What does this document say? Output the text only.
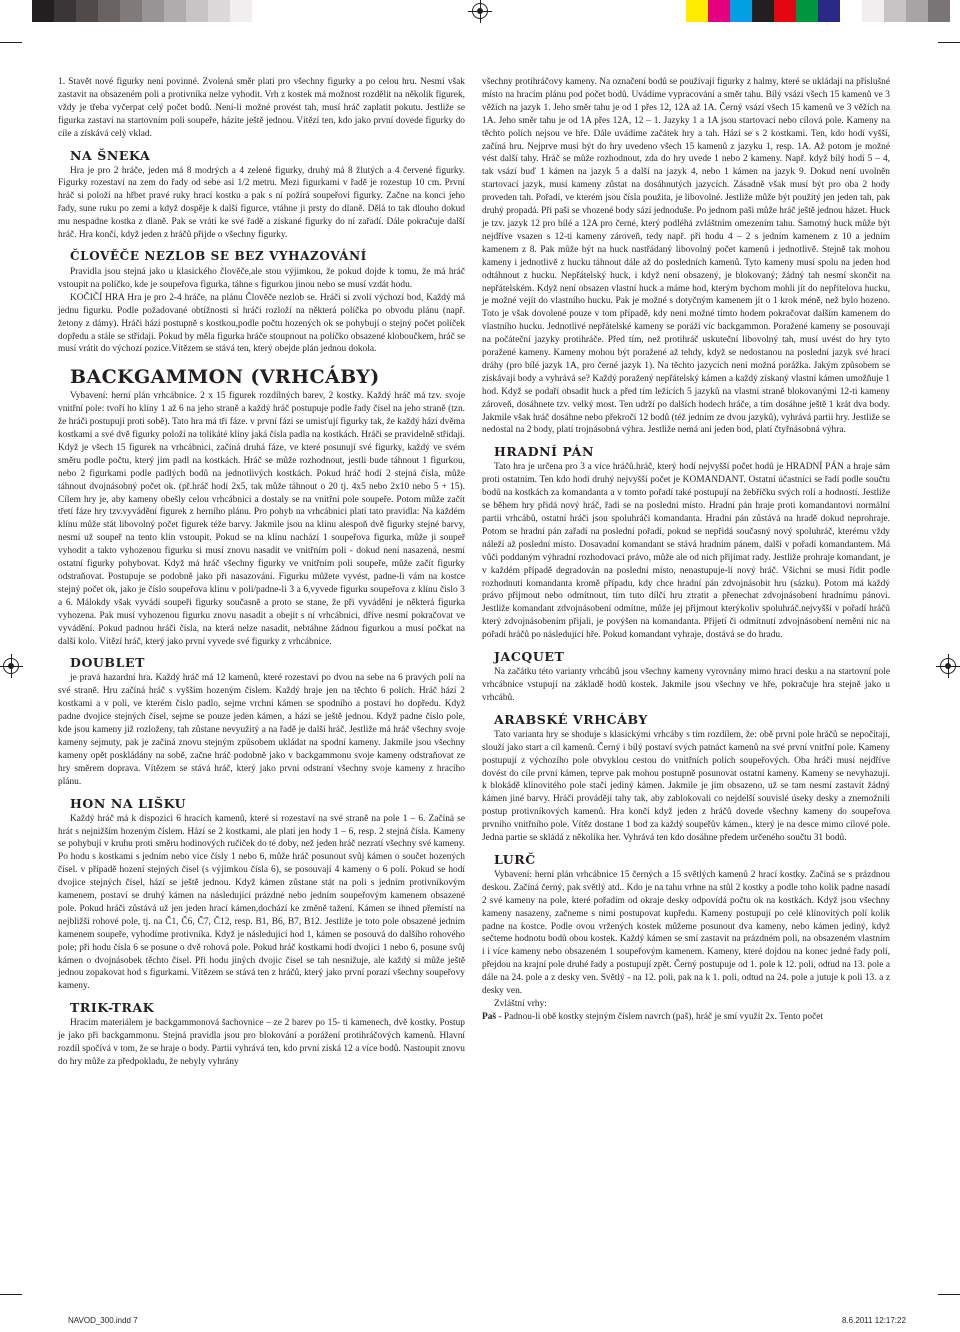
1. Stavět nové figurky není povinné. Zvolená směr platí pro všechny figurky a po celou hru. Nesmí však zastavit na obsazeném poli a protivníka nelze vyhodit. Vrh z kostek má možnost rozdělit na několik figurek, vždy je třeba vyčerpat celý počet bodů. Není-li možné provést tah, musí hráč zaplatit pokutu. Jestliže se figurka zastaví na startovním poli soupeře, házíte ještě jednou. Vítězí ten, kdo jako první dovede figurky do cíle a získává celý vklad.

NA ŠNEKA

Hra je pro 2 hráče, jeden má 8 modrých a 4 zelené figurky, druhý má 8 žlutých a 4 červené figurky. Figurky rozestaví na zem do řady od sebe asi 1/2 metru. Mezi figurkami v řadě je rozestup 10 cm. První hráč si položí na hřbet pravé ruky hrací kostku a pak s ní požírá soupeřovi figurky. Začne na konci jeho řady, sune ruku po zemi a když dospěje k další figurce, vtáhne ji prsty do dlaně. Dělá to tak dlouho dokud mu nespadne kostka z dlaně. Pak se vrátí ke své řadě a získané figurky do ní zařadí. Dále pokračuje další hráč. Hra končí, když jeden z hráčů přijde o všechny figurky.

ČLOVĚČE NEZLOB SE BEZ VYHAZOVÁNÍ

Pravidla jsou stejná jako u klasického člověče,ale stou výjimkou, že pokud dojde k tomu, že má hráč vstoupit na políčko, kde je soupeřova figurka, táhne s figurkou jinou nebo se musí vzdát hodu.

KOČIČÍ HRA Hra je pro 2-4 hráče, na plánu Člověče nezlob se. Hráči si zvolí výchozí bod, Každý má jednu figurku. Podle požadované obtížnosti si hráči rozloží na některá políčka po obvodu plánu (např. žetony z dámy). Hráči hází postupně s kostkou,podle počtu hozených ok se pohybují o stejný počet políček dopředu a stále se střídají. Pokud by měla figurka hráče stoupnout na políčko obsazené kloboučkem, hráč se musí vrátit do výchozí pozice.Vítězem se stává ten, který obejde plán jednou dokola.

BACKGAMMON (VRHCÁBY)

Vybavení: herní plán vrhcábnice. 2 x 15 figurek rozdílných barev, 2 kostky. Každý hráč má tzv. svoje vnitřní pole: tvoří ho klíny 1 až 6 na jeho straně a každý hráč postupuje podle řady čísel na jeho straně (tzn. že hráči postupují proti sobě). Tato hra má tři fáze. v první fázi se umisťují figurky tak, že každý hází dvěma kostkami a své dvě figurky položí na tolikáté klíny jaká čísla padla na kostkách. Hráči se pravidelně střídají. Když je všech 15 figurek na vrhcábnici, začíná druhá fáze, ve které posunují své figurky, každý ve svém směru podle počtu, který jim padl na kostkách. Hráč se může rozhodnout, jestli bude táhnout 1 figurkou, nebo 2 figurkami podle padlých bodů na jednotlivých kostkách. Pokud hráč hodí 2 stejná čísla, může táhnout dvojnásobný počet ok. (př.hráč hodí 2x5, tak může táhnout o 20 tj. 4x5 nebo 2x10 nebo 5 + 15). Cílem hry je, aby kameny obešly celou vrhcábnici a dostaly se na vnitřní pole soupeře. Potom může začít třetí fáze hry tzv.vyvádění figurek z herního plánu. Pro pohyb na vrhcábnici platí tato pravidla: Na každém klínu může stát libovolný počet figurek téže barvy. Jakmile jsou na klínu alespoň dvě figurky stejné barvy, nesmí už soupeř na tento klín vstoupit. Pokud se na klínu nachází 1 soupeřova figurka, může ji soupeř vyhodit a takto vyhozenou figurku si musí znovu nasadit ve vnitřním poli - dokud není nasazená, nesmí ostatní figurky pohybovat. Když má hráč všechny figurky ve vnitřním poli soupeře, může začít figurky odstraňovat. Postupuje se podobně jako při nasazování. Figurku můžete vyvést, padne-li vám na kostce stejný počet ok, jako je číslo soupeřova klínu v poli/padne-li 3 a 6,vyvede figurku soupeřova z klínu čislo 3 a 6. Málokdy však vyvádí soupeři figurky současně a proto se stane, že při vyvádění je některá figurka vyhozena. Pak musí vyhozenou figurku znovu nasadit a obejít s ní vrhcábnici, dříve nesmí pokračovat ve vyvádění. Pokud padnou hráči čísla, na která nelze nasadit, nebtáhne žádnou figurkou a musí počkat na další kolo. Vítězí hráč, který jako první vyvede své figurky z vrhcábnice.

DOUBLET

je pravá hazardní hra. Každý hráč má 12 kamenů, které rozestaví po dvou na sebe na 6 pravých polí na své straně. Hru začíná hráč s vyšším hozeným číslem. Každý hraje jen na těchto 6 polích. Hráč hází 2 kostkami a v poli, ve kterém číslo padlo, sejme vrchní kámen se spodního a postaví ho dopředu. Když padne dvojice stejných čísel, sejme se pouze jeden kámen, a hází se ještě jednou. Když padne číslo pole, kde jsou kameny již rozloženy, tah zůstane nevyužitý a na řadě je další hráč. Jestliže má hráč všechny svoje kameny sejmuty, pak je začíná znovu stejným způsobem ukládat na spodní kameny. Jakmile jsou všechny kameny opět poskládány na sobě, začne hráč podobně jako v backgammonu svoje kameny odstraňovat ze hry směrem doprava. Vítězem se stává hráč, který jako první odstraní všechny svoje kameny z hracího plánu.

HON NA LIŠKU

Každý hráč má k dispozici 6 hracích kamenů, které si rozestaví na své straně na pole 1 – 6. Začíná se hrát s nejnižším hozeným číslem. Hází se 2 kostkami, ale platí jen hody 1 – 6, resp. 2 stejná čísla. Kameny se pohybují v kruhu proti směru hodinových ručiček do té doby, než jeden hráč nezratí všechny své kameny. Po hodu s kostkami s jedním nebo více čísly 1 nebo 6, může hráč posunout svůj kámen o součet hozených čísel. v případě hození stejných čísel (s výjimkou čísla 6), se posouvají 4 kameny o 6 polí. Pokud se hodí dvojice stejných čísel, hází se ještě jednou. Když kámen zůstane stát na poli s jedním protivníkovým kamenem, postaví se druhý kámen na následující prázdné nebo jedním soupeřovým kamenem obsazené pole. Pokud hráči zůstává už jen jeden hrací kámen,dochází ke změně tažení. Kámen se ihned přemístí na nejbližší rohové pole, tj. na Č1, Č6, Č7, Č12, resp. B1, B6, B7, B12. Jestliže je toto pole obsazené jedním kamenem soupeře, vyhodíme protivníka. Když je následující hod 1, kámen se posouvá do dalšího rohového pole; při hodu čísla 6 se posune o dvě rohová pole. Pokud hráč kostkami hodí dvojici 1 nebo 6, posune svůj kámen o dvojnásobek těchto čísel. Při hodu jiných dvojic čísel se tah nesnižuje, ale každý si může ještě jednou zopakovat hod s figurkami. Vítězem se stává ten z hráčů, který jako první porazí všechny soupeřovy kameny.

TRIK-TRAK

Hracím materiálem je backgammonová šachovnice – ze 2 barev po 15- ti kamenech, dvě kostky. Postup je jako při backgammonu. Stejná pravidla jsou pro blokování a porážení protihráčových kamenů. Hlavní rozdíl spočívá v tom, že se hraje o body. Partii vyhrává ten, kdo první získá 12 a více bodů. Nastoupit znovu do hry může za předpokladu, že nebyly vyhrány

všechny protihráčovy kameny. Na označení bodů se používají figurky z halmy, které se ukládají na příslušné místo na hracím plánu pod počet bodů. Uvádíme vypracování a směr tahu. Bílý vsází všech 15 kamenů ve 3 věžích na jazyk 1. Jeho směr tahu je od 1 přes 12, 12A až 1A. Černý vsází všech 15 kamenů ve 3 věžích na 1A. Jeho směr tahu je od 1A přes 12A, 12 – 1. Jazyky 1 a 1A jsou startovací nebo cílová pole. Kameny na těchto polích nejsou ve hře. Dále uvádíme začátek hry a tah. Hází se s 2 kostkami. Ten, kdo hodí vyšší, začíná hru. Nejprve musí být do hry uvedeno všech 15 kamenů z jazyku 1, resp. 1A. Až potom je možné vést další tahy. Hráč se může rozhodnout, zda do hry uvede 1 nebo 2 kameny. Např. když bílý hodí 5 – 4, tak vsází buď 1 kámen na jazyk 5 a další na jazyk 4, nebo 1 kámen na jazyk 9. Dokud není uvolněn startovací jazyk, musí kameny zůstat na dosáhnutých jazycích. Zásadně však musí být pro oba 2 hody proveden tah. Pořadí, ve kterém jsou čísla použita, je libovolné. Jestliže může být použitý jen jeden tah, pak druhý propadá. Při paši se vhozené body sází jednoduše. Po jednom paši může hráč ještě jednou házet. Huck je tzv. jazyk 12 pro bílé a 12A pro černé, který podléhá zvláštním omezením tahu. Samotný huck může být nejdříve vsazen s 12-ti kameny zároveň, tedy např. při hodu 4 – 2 s jedním kamenem z 10 a jedním kamenem z 8. Pak může být na huck nastřádaný libovolný počet kamenů i jednotlivě. Stejně tak mohou kameny i jednotlivě z hucku táhnout dále až do posledních kamenů. Tyto kameny musí spolu na jeden hod odtáhnout z hucku. Nepřátelský huck, i když není obsazený, je blokovaný; žádný tah nesmí skončit na nepřátelském. Když není obsazen vlastní huck a máme hod, kterým bychom mohli jít do nepřítelova hucku, je možné vejít do vlastního hucku. Pak je možné s dotyčným kamenem jít o 1 krok méně, než bylo hozeno. Toto je však dovolené pouze v tom případě, kdy není možné tímto hodem pokračovat dalším kamenem do vlastního hucku. Jednotlivé nepřátelské kameny se poráží víc backgammon. Poražené kameny se posouvají na počáteční jazyky protihráče. Před tím, než protihráč uskuteční libovolný tah, musí uvést do hry tyto poražené kameny. Kameny mohou být poražené až tehdy, když se nedostanou na poslední jazyk své hrací dráhy (pro bílé jazyk 1A, pro černé jazyk 1). Na těchto jazycích není možná porážka. Jakým způsobem se získávají body a vyhrává se? Každý poražený nepřátelský kámen a každý získaný vlastní kámen umožňuje 1 hod. Když se podaří obsadit huck a před tím ležících 5 jazyků na vlastní straně blokovanými 12-ti kameny zároveň, dosáhnete tzv. velký most. Ten udrží po dalších hodech hráče, a tím dosáhne ještě 1 krát dva body. Jakmile však hráč dosáhne nebo překročí 12 bodů (též jedním ze dvou jazyků), vyhrává partii hry. Jestliže se nedostal na 2 body, platí trojnásobná výhra. Jestliže nemá ani jeden bod, platí čtyřnásobná výhra.

HRADNÍ PÁN

Tato hra je určena pro 3 a více hráčů.hráč, který hodí nejvyšší počet hodů je HRADNÍ PÁN a hraje sám proti ostatním. Ten kdo hodí druhý nejvyšší počet je KOMANDANT. Ostatní účastníci se řadí podle součtu bodů na kostkách za komandanta a v tomto pořadí také postupují na žebříčku svých rolí a hodností. Jestliže se během hry přidá nový hráč, řadí se na poslední místo. Hradní pán hraje proti komandantovi normální partii vrhcábů, ostatní hráči jsou spoluhráči komandanta. Hradní pán zůstává na hradě dokud neprohraje. Potom se hradní pán zařadí na poslední pořadí, pokud se nepřidá současný nový spoluhráč, kterému vždy náleží až poslední místo. Dosavadní komandant se stává hradním pánem, další v pořadí komandantem. Má vůči poddaným výhradní rozhodovací právo, může ale od nich přijímat rady. Jestliže prohraje komandant, je v každém případě degradován na poslední místo, nenastupuje-li nový hráč. Všichni se musí řídit podle rozhodnutí komandanta kromě případu, kdy chce hradní pán zdvojnásobit hru (sázku). Potom má každý právo přijmout nebo odmítnout, tím tuto dílčí hru ztratit a přenechat zdvojnásobení hradnímu pánovi. Jestliže komandant zdvojnásobení odmítne, může jej přijmout kterýkoliv spoluhráč.nejvyšší v pořadí hráčů který zdvojnásobením přijali, je povýšen na komandanta. Přijetí či odmítnutí zdvojnásobení nemění nic na pořadí hráčů po následující hře. Pokud komandant vyhraje, dostává se do hradu.

JACQUET

Na začátku této varianty vrhcábů jsou všechny kameny vyrovnány mimo hrací desku a na startovní pole vrhcábnice vstupují na základě hodů kostek. Jakmile jsou všechny ve hře, pokračuje hra stejně jako u vrhcábů.

ARABSKÉ VRHCÁBY

Tato varianta hry se shoduje s klasickými vrhcáby s tím rozdílem, že: obě první pole hráčů se nepočítají, slouží jako start a cíl kamenů. Černý i bílý postaví svých patnáct kamenů na své první vnitřní pole. Kameny postupují z výchozího pole obvyklou cestou do vnitřních polích soupeřových. Oba hráči musí nejdříve dovést do cíle první kámen, teprve pak mohou postupně posunovat ostatní kameny. Kameny se nevyhazují. k blokádě klínovitého pole stačí jediný kámen. Jakmile je jím obsazeno, už se tam nesmí zastavit žádný kámen jiné barvy. Hráči provádějí tahy tak, aby zablokovali co nejdelší souvislé úseky desky a znemožnili postup protivníkových kamenů. Hra končí když jeden z hráčů dovede všechny kameny do soupeřova prvního vnitřního pole. Vítěz dostane 1 bod za každý soupeřův kámen., který je na desce mimo cílové pole. Jedna partie se skládá z několika her. Vyhrává ten kdo dosáhne předem určeného součtu 31 bodů.

LURČ

Vybavení: herní plán vrhcábnice 15 černých a 15 světlých kamenů 2 hrací kostky. Začíná se s prázdnou deskou. Začíná černý, pak světlý atd.. Kdo je na tahu vrhne na stůl 2 kostky a podle toho kolik padne nasadí 2 své kameny na pole, které pořadím od okraje desky odpovídá počtu ok na kostkách. Když jsou všechny kameny nasazeny, začneme s nimi postupovat kupředu. Kameny postupují po celé klínovitých polí kolik padne na kostce. Podle ovou vržených kostek můžeme posunout dva kameny, nebo kámen jediný, když sečteme hodnotu bodů obou kostek. Každý kámen se smí zastavit na prázdném poli, na obsazeném vlastním i i více kameny nebo obsazeném 1 soupeřovým kamenem. Kameny, které dojdou na konec jedné řady polí, přejdou na krajní pole druhé řady a postupují zpět. Černý postupuje od 1. pole k 12. poli, odtud na 13. pole a dále na 24. pole a z desky ven. Světlý - na 12. poli, pak na k 1. poli, odtud na 24. pole a jutuje k poli 13. a z desky ven.

Zvláštní vrhy:

Paš - Padnou-li obě kostky stejným číslem navrch (paš), hráč je smí využít 2x. Tento počet

NAVOD_300.indd 7	8.6.2011 12:17:22
